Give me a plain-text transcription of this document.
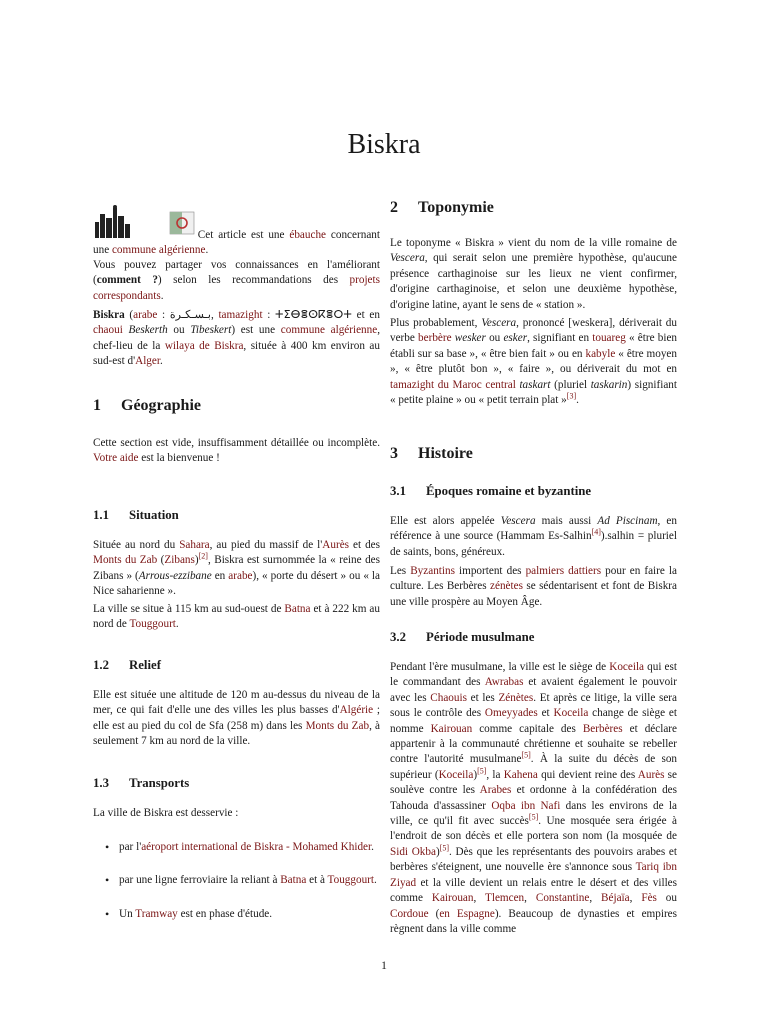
Biskra

Cet article est une ébauche concernant une commune algérienne.

Vous pouvez partager vos connaissances en l'améliorant (comment ?) selon les recommandations des projets correspondants.

Biskra (arabe : بـسـكـرة, tamazight : ⵜⵉⴱⴻⵙⴽⴻⵔⵜ et en chaoui Beskerth ou Tibeskert) est une commune algérienne, chef-lieu de la wilaya de Biskra, située à 400 km environ au sud-est d'Alger.

1 Géographie

Cette section est vide, insuffisamment détaillée ou incomplète. Votre aide est la bienvenue !

1.1 Situation

Située au nord du Sahara, au pied du massif de l'Aurès et des Monts du Zab (Zibans)[2], Biskra est surnommée la « reine des Zibans » (Arrous-ezzibane en arabe), « porte du désert » ou « la Nice saharienne ».

La ville se situe à 115 km au sud-ouest de Batna et à 222 km au nord de Touggourt.

1.2 Relief

Elle est située une altitude de 120 m au-dessus du niveau de la mer, ce qui fait d'elle une des villes les plus basses d'Algérie ; elle est au pied du col de Sfa (258 m) dans les Monts du Zab, à seulement 7 km au nord de la ville.

1.3 Transports

La ville de Biskra est desservie :

• par l'aéroport international de Biskra - Mohamed Khider.
• par une ligne ferroviaire la reliant à Batna et à Touggourt.
• Un Tramway est en phase d'étude.
2 Toponymie

Le toponyme « Biskra » vient du nom de la ville romaine de Vescera, qui serait selon une première hypothèse, qu'aucune présence carthaginoise sur les lieux ne vient confirmer, d'origine carthaginoise, et selon une deuxième hypothèse, d'origine latine, ayant le sens de « station ».

Plus probablement, Vescera, prononcé [weskera], dériverait du verbe berbère wesker ou esker, signifiant en touareg « être bien établi sur sa base », « être bien fait » ou en kabyle « être moyen », « être plutôt bon », « faire », ou dériverait du mot en tamazight du Maroc central taskart (pluriel taskarin) signifiant « petite plaine » ou « petit terrain plat »[3].

3 Histoire
3.1 Époques romaine et byzantine

Elle est alors appelée Vescera mais aussi Ad Piscinam, en référence à une source (Hammam Es-Salhin[4]).salhin = pluriel de saints, bons, généreux.

Les Byzantins importent des palmiers dattiers pour en faire la culture. Les Berbères zénètes se sédentarisent et font de Biskra une ville prospère au Moyen Âge.

3.2 Période musulmane

Pendant l'ère musulmane, la ville est le siège de Koceila qui est le commandant des Awrabas et avaient également le pouvoir avec les Chaouis et les Zénètes. Et après ce litige, la ville sera sous le contrôle des Omeyyades et Koceila change de siège et nomme Kairouan comme capitale des Berbères et déclare appartenir à la communauté chrétienne et souhaite se rebeller contre l'autorité musulmane[5]. À la suite du décès de son supérieur (Koceila)[5], la Kahena qui devient reine des Aurès se soulève contre les Arabes et ordonne à la confédération des Tahouda d'assassiner Oqba ibn Nafi dans les environs de la ville, ce qu'il fit avec succès[5]. Une mosquée sera érigée à l'endroit de son décès et elle portera son nom (la mosquée de Sidi Okba)[5]. Dès que les représentants des pouvoirs arabes et berbères s'éteignent, une nouvelle ère s'annonce sous Tariq ibn Ziyad et la ville devient un relais entre le désert et des villes comme Kairouan, Tlemcen, Constantine, Béjaïa, Fès ou Cordoue (en Espagne). Beaucoup de dynasties et empires règnent dans la ville comme

1
